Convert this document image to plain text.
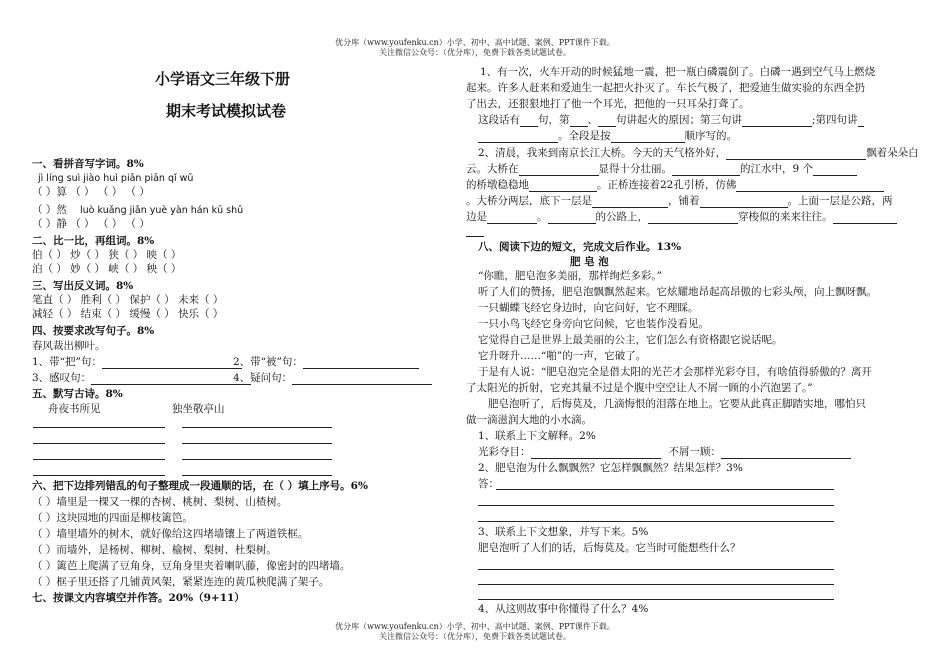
优分库（www.youfenku.cn）小学、初中、高中试题、案例、PPT课件下载。
关注微信公众号：（优分库），免费下载各类试题试卷。
小学语文三年级下册
期末考试模拟试卷
一、看拼音写字词。8%
jì líng suì jiào huì piān piān qǐ wǔ
（ ）算 （ ） （ ） （ ）
（ ）然 luò kuǎng jiǎn yuè yàn hán kū shǔ
（ ）静 （ ） （ ） （ ）
二、比一比，再组词。8%
伯（ ） 炒（ ） 狭（ ） 映（ ）
泊（ ） 妙（ ） 峡（ ） 秧（ ）
三、写出反义词。8%
笔直（ ） 胜利（ ） 保护（ ） 未来（ ）
减轻（ ） 结束（ ） 缓慢（ ） 快乐（ ）
四、按要求改写句子。8%
春风裁出柳叶。
1、带“把”句：	2、带“被”句：
3、感叹句：	4、疑问句：
五、默写古诗。8%
舟夜书所见	独坐敬亭山
六、把下边排列错乱的句子整理成一段通顺的话，在（ ）填上序号。6%
（ ）墙里是一棵又一棵的杏树、桃树、梨树、山楂树。
（ ）这块园地的四面是柳枝篱笆。
（ ）墙里墙外的树木，就好像给这四堵墙镶上了两道铁框。
（ ）而墙外，是杨树、柳树、榆树、梨树、杜梨树。
（ ）篱芭上爬满了豆角身，豆角身里夹着喇叭藤，像密封的四堵墙。
（ ）框子里还搭了几铺黄风架，紧紧连连的黄瓜秧爬满了架子。
七、按课文内容填空并作答。20%（9+11）
1、有一次，火车开动的时候猛地一震，把一瓶白磷震倒了。白磷一遇到空气马上燃烧
起来。许多人赶来和爱迪生一起把火扑灭了。车长气极了，把爱迪生做实验的东西全扔
了出去，还狠狠地打了他一个耳光，把他的一只耳朵打聋了。
这段话有 句，第 、 句讲起火的原因；第三句讲	;第四句讲
。全段是按	顺序写的。
2、清晨，我来到南京长江大桥。今天的天气格外好，	飘着朵朵白
云。大桥在	显得十分壮丽。	的江水中，9 个
的桥墩稳稳地	。正桥连接着22孔引桥，仿佛
。大桥分两层，底下一层是	，铺着	。上面一层是公路，两
边是	。	的公路上，	穿梭似的来来往往。
八、阅读下边的短文，完成文后作业。13%
肥 皂 泡
“你瞧，肥皂泡多美丽，那样绚烂多彩。”
听了人们的赞扬，肥皂泡飘飘然起来。它炫耀地昂起高昂傲的七彩头颅，向上飘呀飘。
一只蝴蝶飞经它身边时，向它问好，它不理睬。
一只小鸟飞经它身旁向它问候，它也装作没看见。
它觉得自己是世界上最美丽的公主，它们怎么有资格跟它说话呢。
它升呀升……“啪”的一声，它破了。
于是有人说：“肥皂泡完全是借太阳的光芒才会那样光彩夺目，有啥值得骄傲的？离开
了太阳光的折射，它充其量不过是个腹中空空让人不屑一顾的小汽泡罢了。”
肥皂泡听了，后悔莫及，几滴悔恨的泪落在地上。它要从此真正脚踏实地，哪怕只
做一滴滋润大地的小水滴。
1、联系上下文解释。2%
光彩夺目：	不屑一顾：
2、肥皂泡为什么飘飘然？它怎样飘飘然？结果怎样？3%
答：
3、联系上下文想象，并写下来。5%
肥皂泡听了人们的话，后悔莫及。它当时可能想些什么？
4、从这则故事中你懂得了什么？4%
优分库（www.youfenku.cn）小学、初中、高中试题、案例、PPT课件下载。
关注微信公众号：（优分库），免费下载各类试题试卷。
